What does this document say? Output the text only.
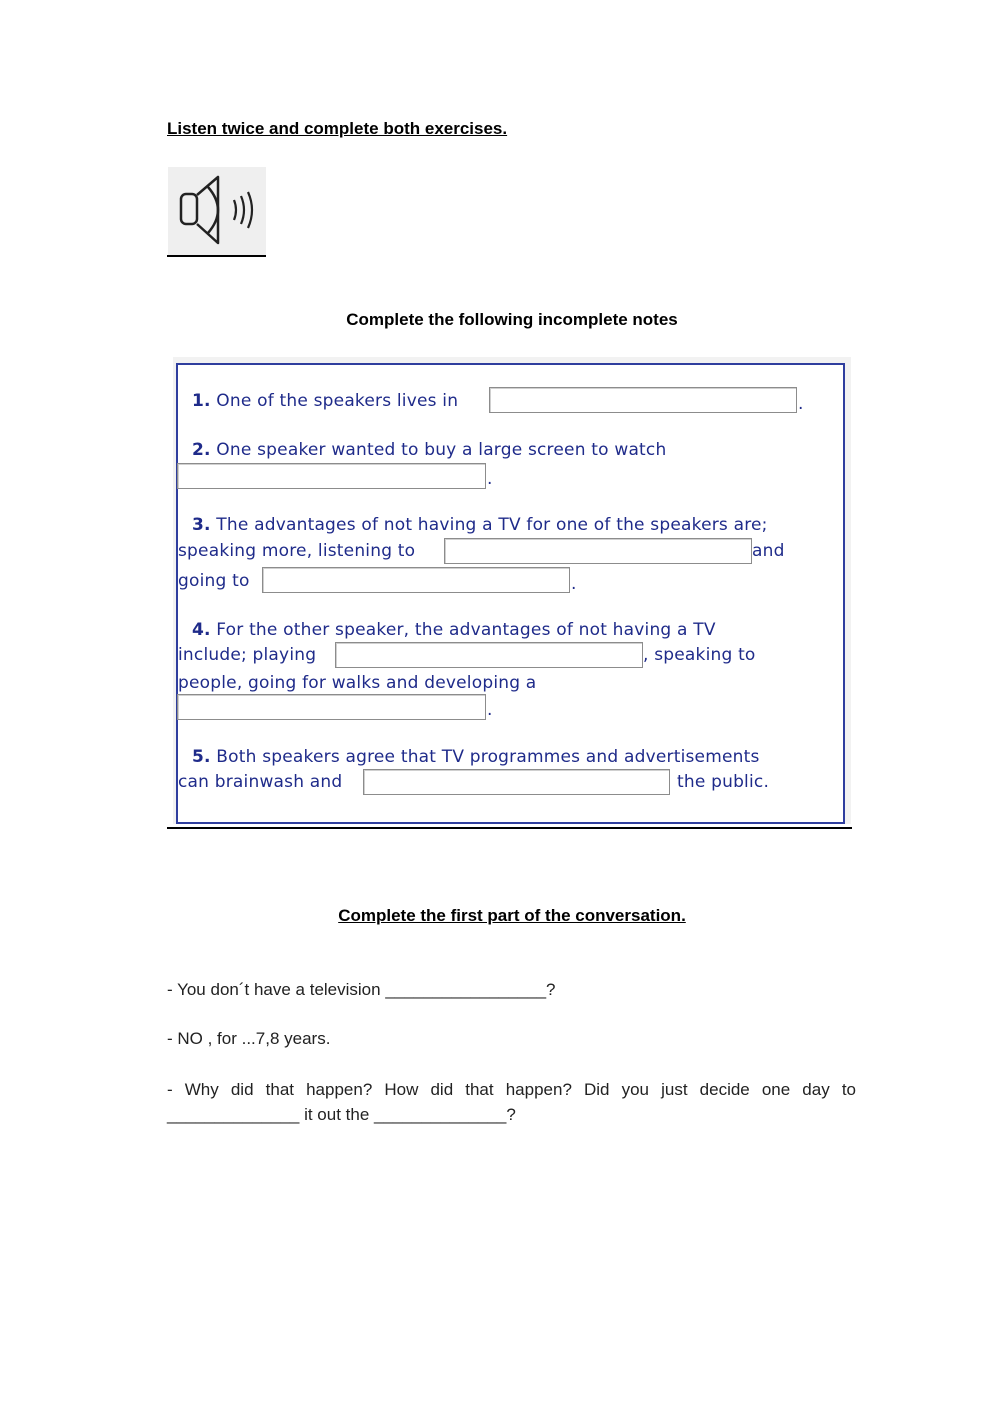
Listen twice and complete both exercises.
Complete the following incomplete notes
1. One of the speakers lives in	.
2. One speaker wanted to buy a large screen to watch
.
3. The advantages of not having a TV for one of the speakers are;
speaking more, listening to	and
going to	.
4. For the other speaker, the advantages of not having a TV
include; playing	, speaking to
people, going for walks and developing a
.
5. Both speakers agree that TV programmes and advertisements
can brainwash and	the public.
Complete the first part of the conversation.
- You don´t have a television _________________?
- NO , for ...7,8 years.
- Why did that happen? How did that happen? Did you just decide one day to ______________ it out the ______________?
